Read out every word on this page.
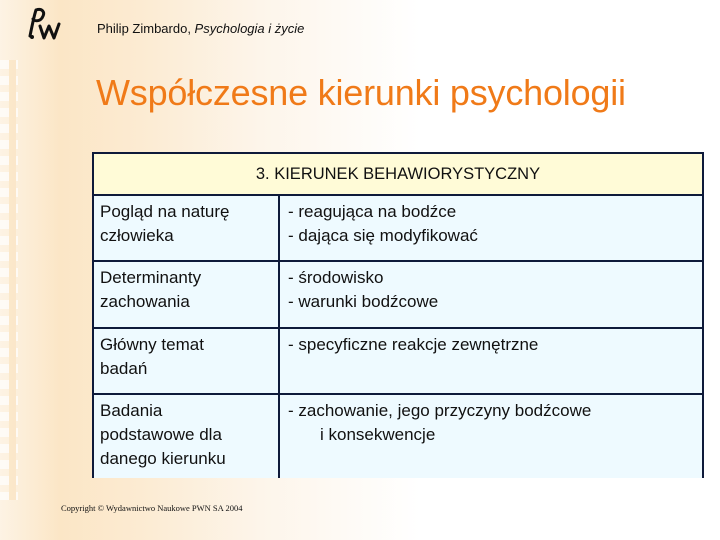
Philip Zimbardo, Psychologia i życie
Współczesne kierunki psychologii
3. KIERUNEK BEHAWIORYSTYCZNY
Pogląd na naturę
człowieka
- reagująca na bodźce
- dająca się modyfikować
Determinanty
zachowania
- środowisko
- warunki bodźcowe
Główny temat
badań
- specyficzne reakcje zewnętrzne
Badania
podstawowe dla
danego kierunku
- zachowanie, jego przyczyny bodźcowe
i konsekwencje
Copyright © Wydawnictwo Naukowe PWN SA 2004
